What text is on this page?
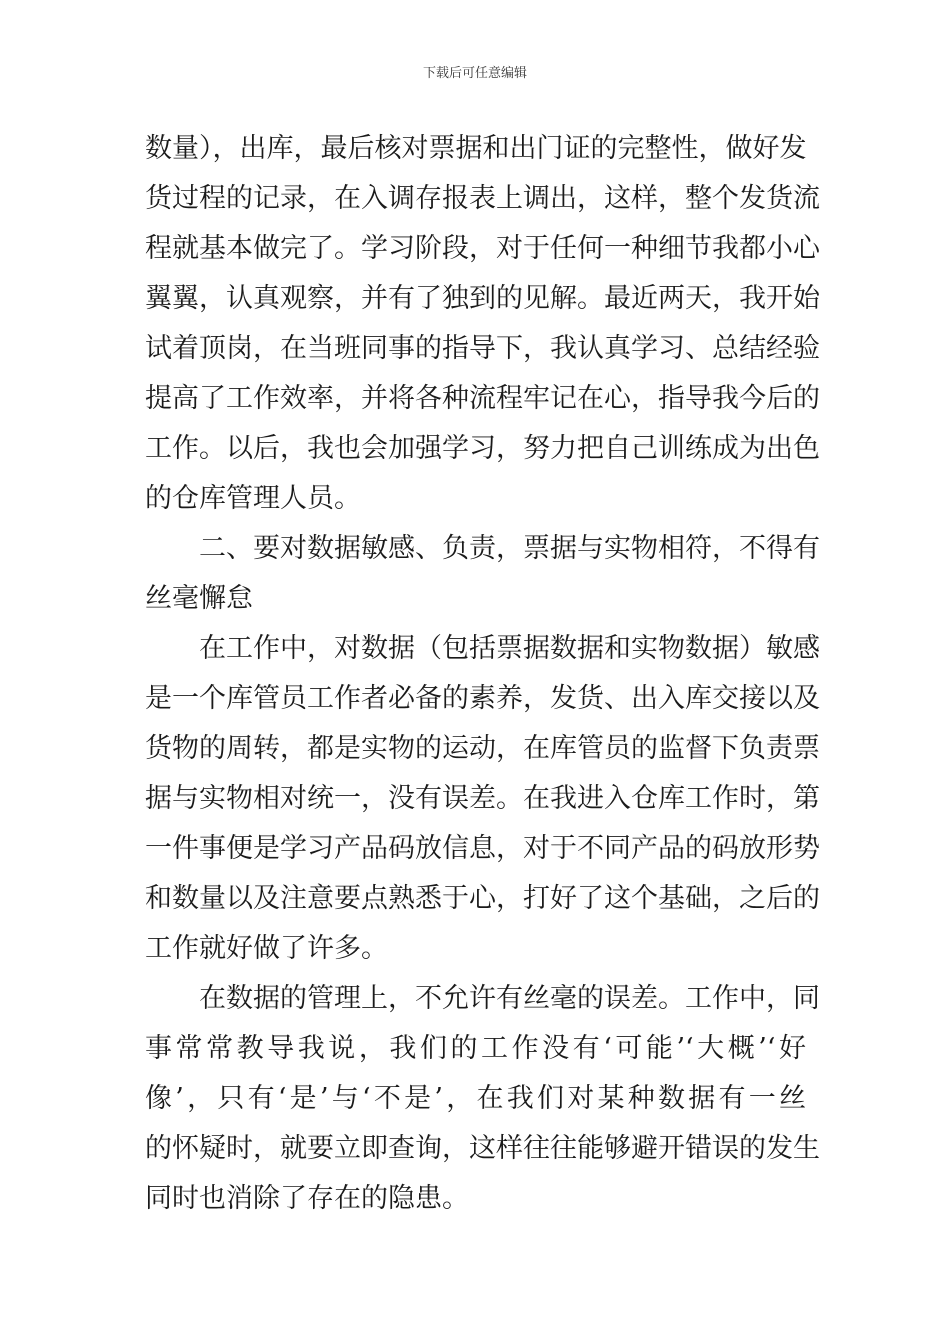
下载后可任意编辑
数量），出库，最后核对票据和出门证的完整性，做好发
货过程的记录，在入调存报表上调出，这样，整个发货流
程就基本做完了。学习阶段，对于任何一种细节我都小心
翼翼，认真观察，并有了独到的见解。最近两天，我开始
试着顶岗，在当班同事的指导下，我认真学习、总结经验
提高了工作效率，并将各种流程牢记在心，指导我今后的
工作。以后，我也会加强学习，努力把自己训练成为出色
的仓库管理人员。
　　二、要对数据敏感、负责，票据与实物相符，不得有
丝毫懈怠
　　在工作中，对数据（包括票据数据和实物数据）敏感
是一个库管员工作者必备的素养，发货、出入库交接以及
货物的周转，都是实物的运动，在库管员的监督下负责票
据与实物相对统一，没有误差。在我进入仓库工作时，第
一件事便是学习产品码放信息，对于不同产品的码放形势
和数量以及注意要点熟悉于心，打好了这个基础，之后的
工作就好做了许多。
　　在数据的管理上，不允许有丝毫的误差。工作中，同
事常常教导我说，我们的工作没有‘可能’‘大概’‘好
像’，只有‘是’与‘不是’，在我们对某种数据有一丝
的怀疑时，就要立即查询，这样往往能够避开错误的发生
同时也消除了存在的隐患。
